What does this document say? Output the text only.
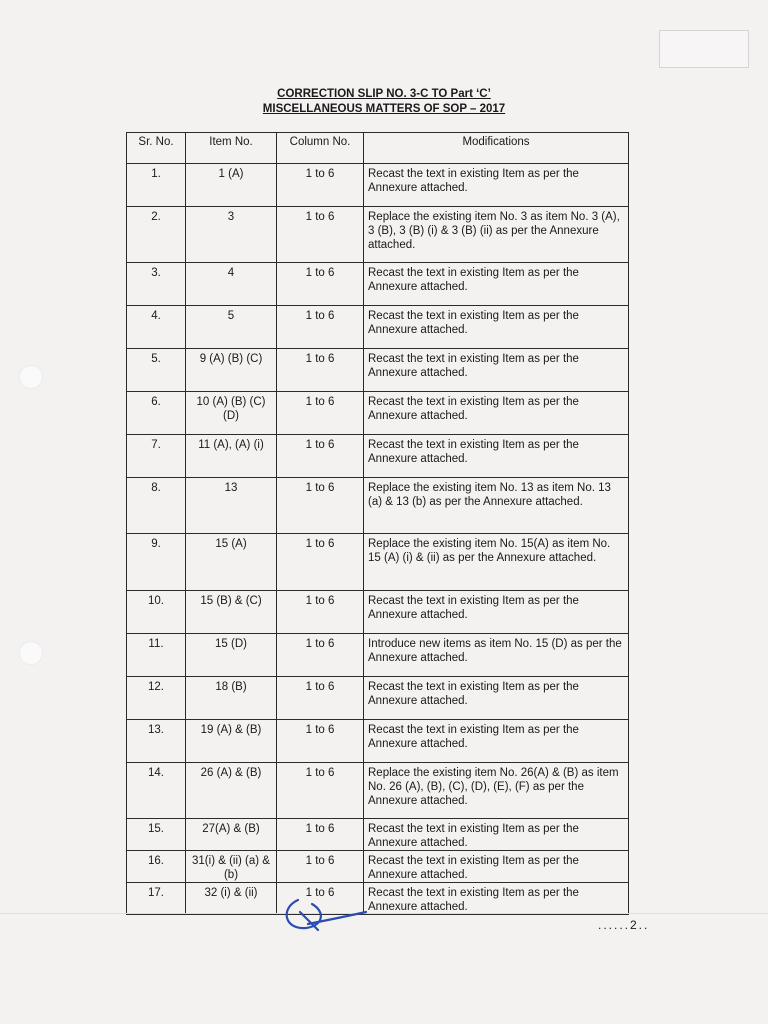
CORRECTION SLIP NO. 3-C TO Part ‘C’
MISCELLANEOUS MATTERS OF SOP – 2017
Sr. No.	Item No.	Column No.	Modifications
1.	1 (A)	1 to 6	Recast the text in existing Item as per the Annexure attached.
2.	3	1 to 6	Replace the existing item No. 3 as item No. 3 (A), 3 (B), 3 (B) (i) & 3 (B) (ii) as per the Annexure attached.
3.	4	1 to 6	Recast the text in existing Item as per the Annexure attached.
4.	5	1 to 6	Recast the text in existing Item as per the Annexure attached.
5.	9 (A) (B) (C)	1 to 6	Recast the text in existing Item as per the Annexure attached.
6.	10 (A) (B) (C) (D)	1 to 6	Recast the text in existing Item as per the Annexure attached.
7.	11 (A), (A) (i)	1 to 6	Recast the text in existing Item as per the Annexure attached.
8.	13	1 to 6	Replace the existing item No. 13 as item No. 13 (a) & 13 (b) as per the Annexure attached.
9.	15 (A)	1 to 6	Replace the existing item No. 15(A) as item No. 15 (A) (i) & (ii) as per the Annexure attached.
10.	15 (B) & (C)	1 to 6	Recast the text in existing Item as per the Annexure attached.
11.	15 (D)	1 to 6	Introduce new items as item No. 15 (D) as per the Annexure attached.
12.	18 (B)	1 to 6	Recast the text in existing Item as per the Annexure attached.
13.	19 (A) & (B)	1 to 6	Recast the text in existing Item as per the Annexure attached.
14.	26 (A) & (B)	1 to 6	Replace the existing item No. 26(A) & (B) as item No. 26 (A), (B), (C), (D), (E), (F) as per the Annexure attached.
15.	27(A) & (B)	1 to 6	Recast the text in existing Item as per the Annexure attached.
16.	31(i) & (ii) (a) & (b)	1 to 6	Recast the text in existing Item as per the Annexure attached.
17.	32 (i) & (ii)	1 to 6	Recast the text in existing Item as per the Annexure attached.
......2..
